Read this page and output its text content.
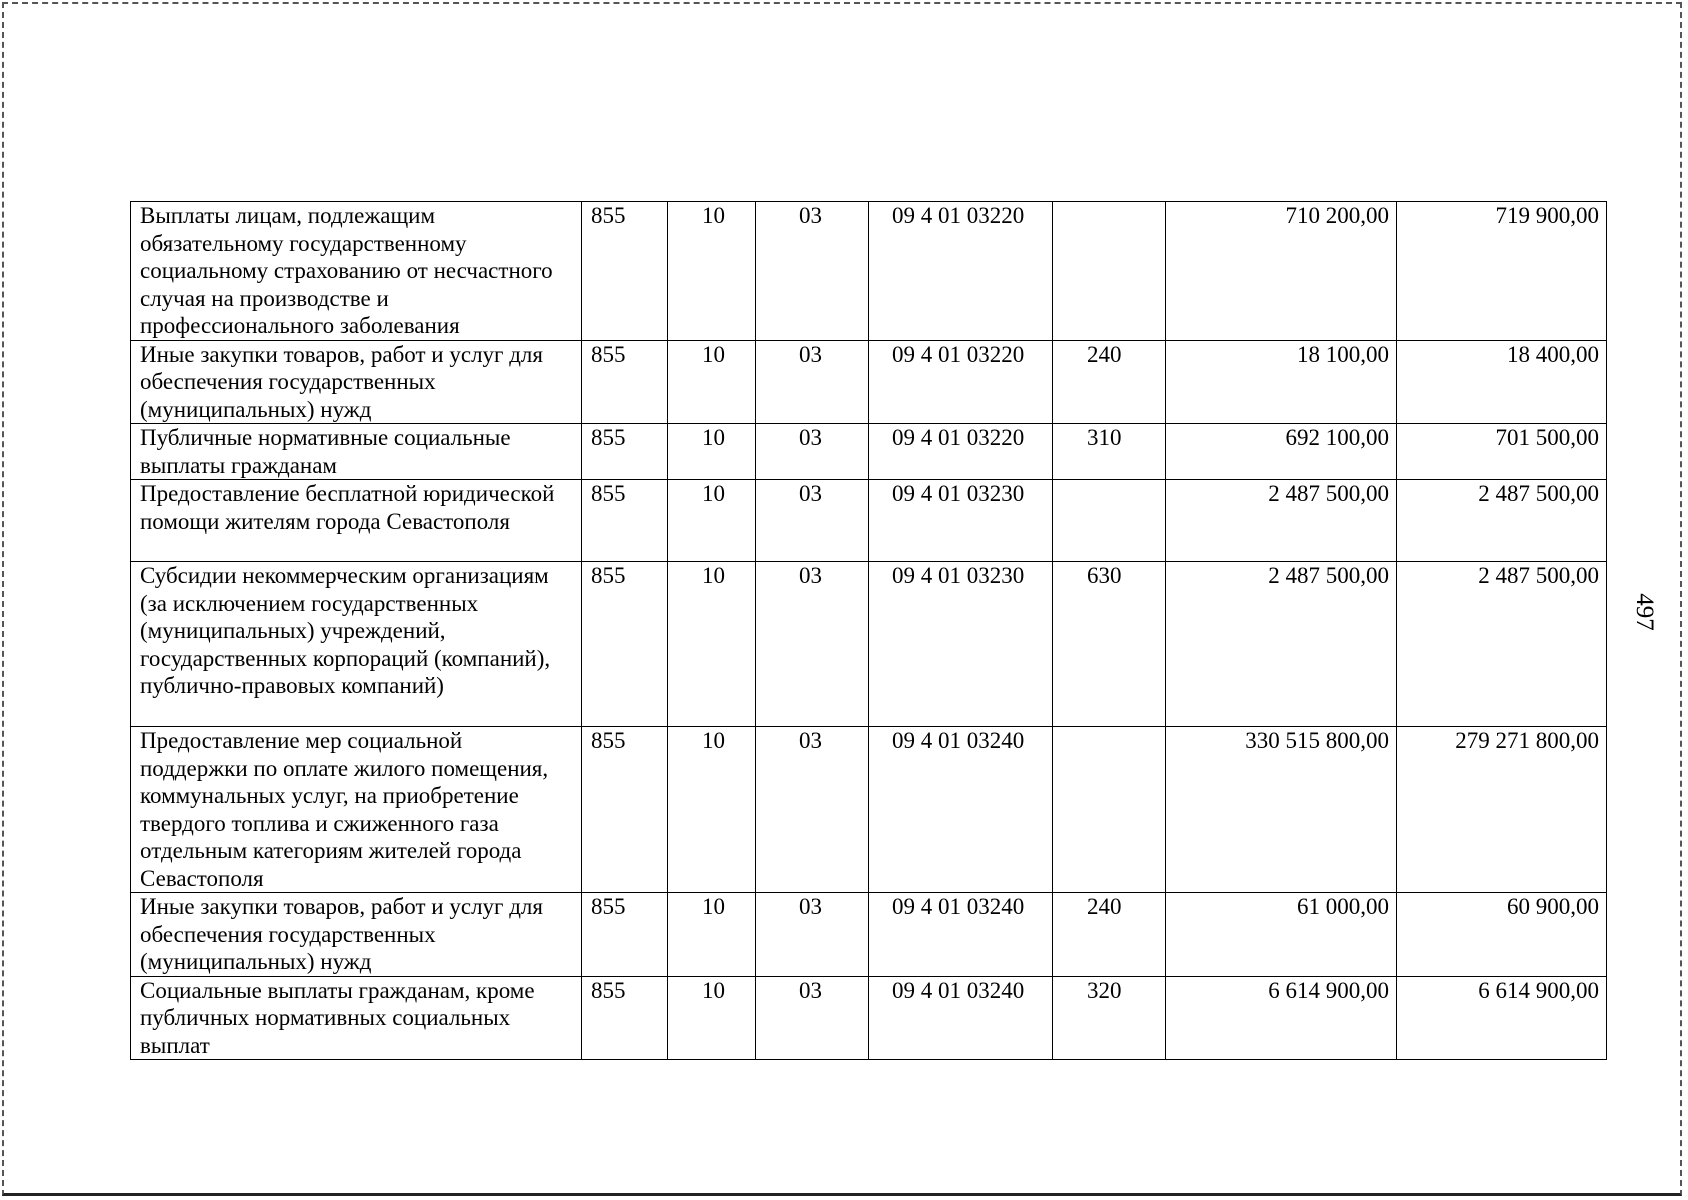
Выплаты лицам, подлежащим обязательному государственному социальному страхованию от несчастного случая на производстве и профессионального заболевания	855	10	03	09 4 01 03220		710 200,00	719 900,00
Иные закупки товаров, работ и услуг для обеспечения государственных (муниципальных) нужд	855	10	03	09 4 01 03220	240	18 100,00	18 400,00
Публичные нормативные социальные выплаты гражданам	855	10	03	09 4 01 03220	310	692 100,00	701 500,00
Предоставление бесплатной юридической помощи жителям города Севастополя	855	10	03	09 4 01 03230		2 487 500,00	2 487 500,00
Субсидии некоммерческим организациям (за исключением государственных (муниципальных) учреждений, государственных корпораций (компаний), публично-правовых компаний)	855	10	03	09 4 01 03230	630	2 487 500,00	2 487 500,00
Предоставление мер социальной поддержки по оплате жилого помещения, коммунальных услуг, на приобретение твердого топлива и сжиженного газа отдельным категориям жителей города Севастополя	855	10	03	09 4 01 03240		330 515 800,00	279 271 800,00
Иные закупки товаров, работ и услуг для обеспечения государственных (муниципальных) нужд	855	10	03	09 4 01 03240	240	61 000,00	60 900,00
Социальные выплаты гражданам, кроме публичных нормативных социальных выплат	855	10	03	09 4 01 03240	320	6 614 900,00	6 614 900,00
497
